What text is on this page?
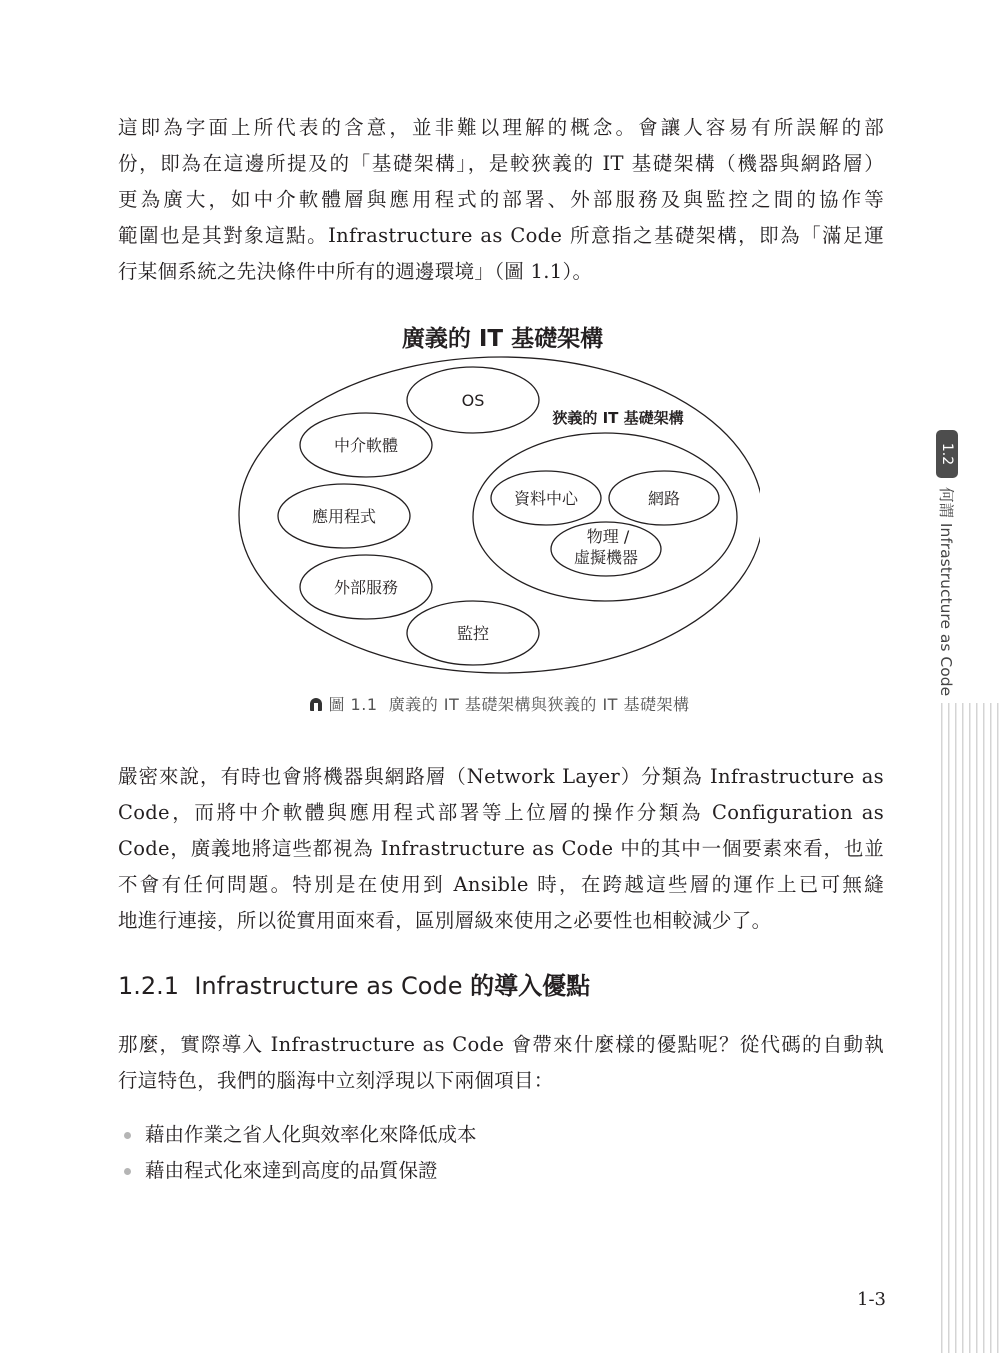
這即為字面上所代表的含意，並非難以理解的概念。會讓人容易有所誤解的部
份，即為在這邊所提及的「基礎架構」，是較狹義的 IT 基礎架構（機器與網路層）
更為廣大，如中介軟體層與應用程式的部署、外部服務及與監控之間的協作等
範圍也是其對象這點。Infrastructure as Code 所意指之基礎架構，即為「滿足運
行某個系統之先決條件中所有的週邊環境」（圖 1.1）。
廣義的 IT 基礎架構
OS
中介軟體
應用程式
外部服務
監控
資料中心	網路
物理 /
虛擬機器
狹義的 IT 基礎架構
圖 1.1 廣義的 IT 基礎架構與狹義的 IT 基礎架構
嚴密來說，有時也會將機器與網路層（Network Layer）分類為 Infrastructure as
Code，而將中介軟體與應用程式部署等上位層的操作分類為 Configuration as
Code，廣義地將這些都視為 Infrastructure as Code 中的其中一個要素來看，也並
不會有任何問題。特別是在使用到 Ansible 時，在跨越這些層的運作上已可無縫
地進行連接，所以從實用面來看，區別層級來使用之必要性也相較減少了。
1.2.1 Infrastructure as Code 的導入優點
那麼，實際導入 Infrastructure as Code 會帶來什麼樣的優點呢？從代碼的自動執
行這特色，我們的腦海中立刻浮現以下兩個項目：
藉由作業之省人化與效率化來降低成本
藉由程式化來達到高度的品質保證
1.2
何謂 Infrastructure as Code
1-3
